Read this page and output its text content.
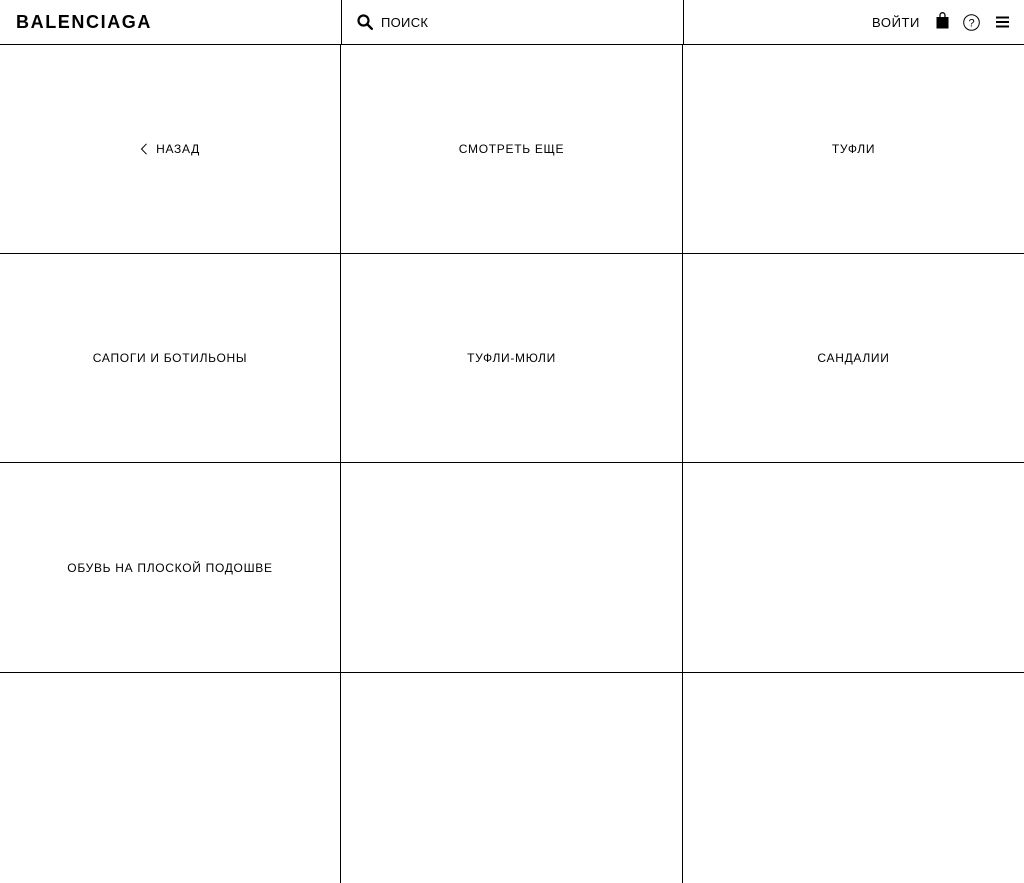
BALENCIAGA
ПОИСК	ВОЙТИ	?
НАЗАД	СМОТРЕТЬ ЕЩЕ	ТУФЛИ
САПОГИ И БОТИЛЬОНЫ	ТУФЛИ-МЮЛИ	САНДАЛИИ
ОБУВЬ НА ПЛОСКОЙ ПОДОШВЕ
